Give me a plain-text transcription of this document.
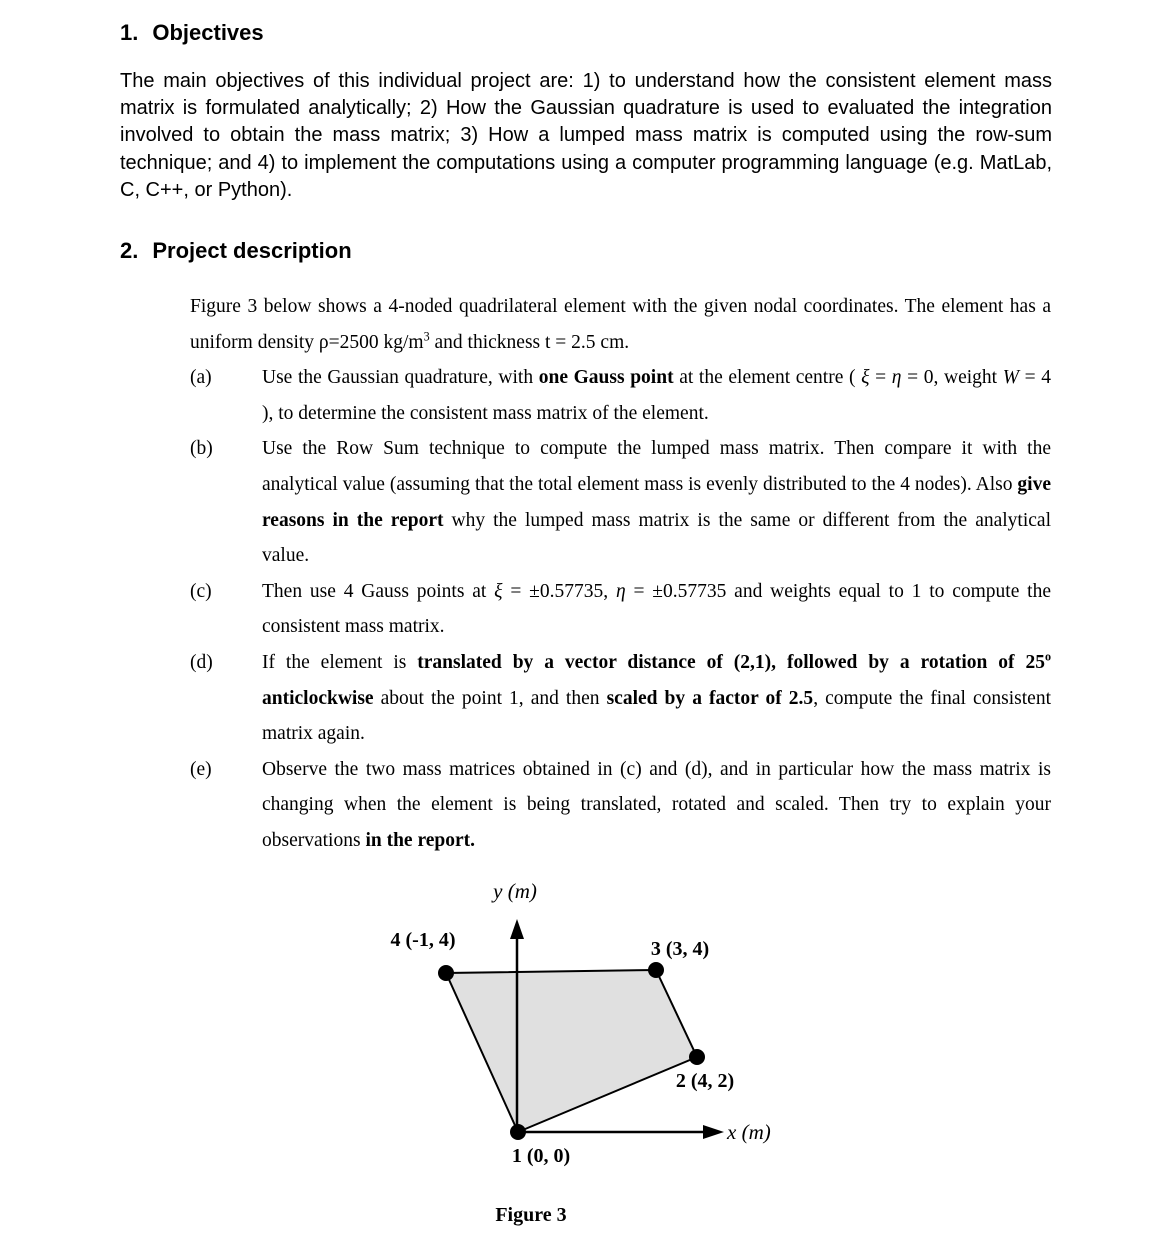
1. Objectives

The main objectives of this individual project are: 1) to understand how the consistent element mass matrix is formulated analytically; 2) How the Gaussian quadrature is used to evaluated the integration involved to obtain the mass matrix; 3) How a lumped mass matrix is computed using the row-sum technique; and 4) to implement the computations using a computer programming language (e.g. MatLab, C, C++, or Python).

2. Project description

Figure 3 below shows a 4-noded quadrilateral element with the given nodal coordinates. The element has a uniform density ρ=2500 $kg/m^3$ and thickness t = 2.5 cm.

(a)	Use the Gaussian quadrature, with one Gauss point at the element centre ( ξ = η = 0, weight W = 4 ), to determine the consistent mass matrix of the element.
(b)	Use the Row Sum technique to compute the lumped mass matrix. Then compare it with the analytical value (assuming that the total element mass is evenly distributed to the 4 nodes). Also give reasons in the report why the lumped mass matrix is the same or different from the analytical value.
(c)	Then use 4 Gauss points at ξ = ±0.57735, η = ±0.57735 and weights equal to 1 to compute the consistent mass matrix.
(d)	If the element is translated by a vector distance of (2,1), followed by a rotation of 25$^o$ anticlockwise about the point 1, and then scaled by a factor of 2.5, compute the final consistent matrix again.
(e)	Observe the two mass matrices obtained in (c) and (d), and in particular how the mass matrix is changing when the element is being translated, rotated and scaled. Then try to explain your observations in the report.
y (m)
x (m)
1 (0, 0)
2 (4, 2)
3 (3, 4)
4 (-1, 4)
Figure 3
